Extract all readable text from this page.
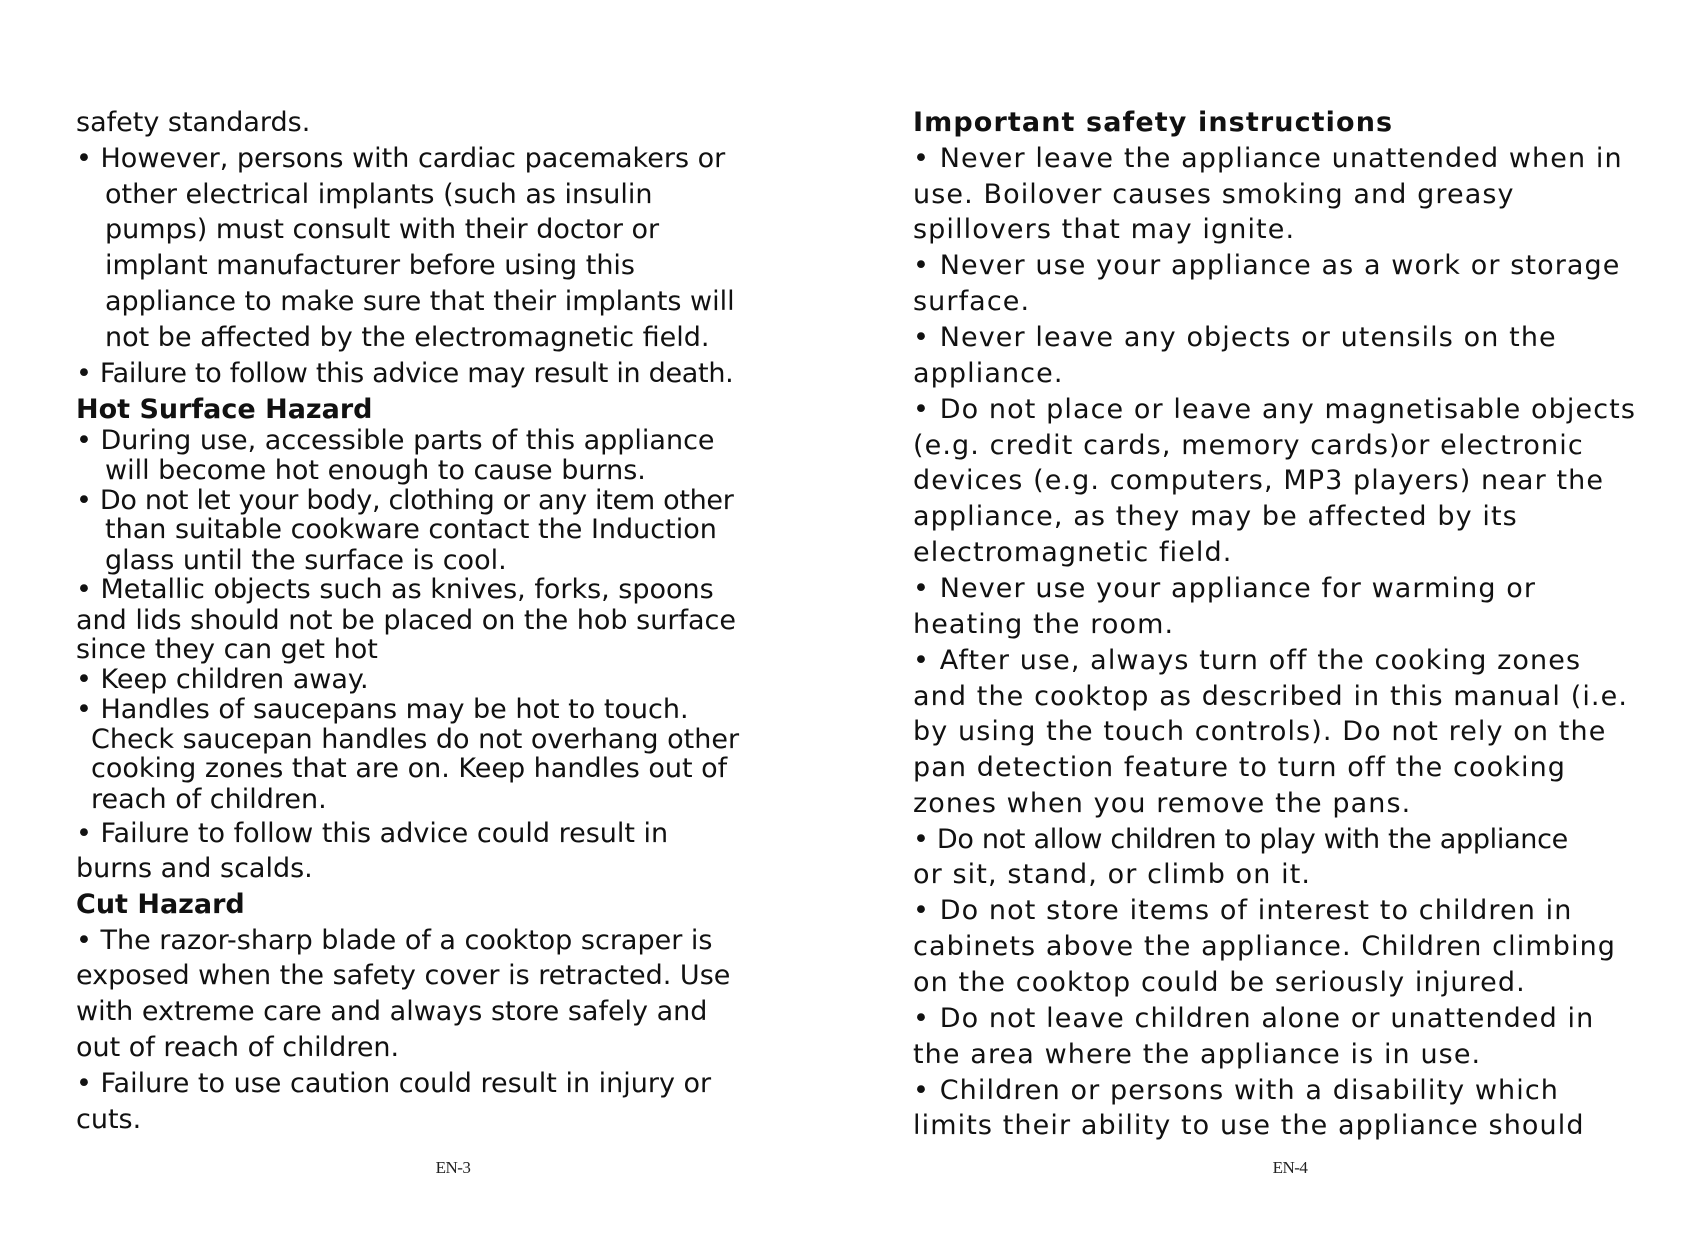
safety standards.
• However, persons with cardiac pacemakers or
other electrical implants (such as insulin
pumps) must consult with their doctor or
implant manufacturer before using this
appliance to make sure that their implants will
not be affected by the electromagnetic field.
• Failure to follow this advice may result in death.
Hot Surface Hazard
• During use, accessible parts of this appliance
will become hot enough to cause burns.
• Do not let your body, clothing or any item other
than suitable cookware contact the Induction
glass until the surface is cool.
• Metallic objects such as knives, forks, spoons
and lids should not be placed on the hob surface
since they can get hot
• Keep children away.
• Handles of saucepans may be hot to touch.
Check saucepan handles do not overhang other
cooking zones that are on. Keep handles out of
reach of children.
• Failure to follow this advice could result in
burns and scalds.
Cut Hazard
• The razor-sharp blade of a cooktop scraper is
exposed when the safety cover is retracted. Use
with extreme care and always store safely and
out of reach of children.
• Failure to use caution could result in injury or
cuts.
Important safety instructions
• Never leave the appliance unattended when in
use. Boilover causes smoking and greasy
spillovers that may ignite.
• Never use your appliance as a work or storage
surface.
• Never leave any objects or utensils on the
appliance.
• Do not place or leave any magnetisable objects
(e.g. credit cards, memory cards)or electronic
devices (e.g. computers, MP3 players) near the
appliance, as they may be affected by its
electromagnetic field.
• Never use your appliance for warming or
heating the room.
• After use, always turn off the cooking zones
and the cooktop as described in this manual (i.e.
by using the touch controls). Do not rely on the
pan detection feature to turn off the cooking
zones when you remove the pans.
• Do not allow children to play with the appliance
or sit, stand, or climb on it.
• Do not store items of interest to children in
cabinets above the appliance. Children climbing
on the cooktop could be seriously injured.
• Do not leave children alone or unattended in
the area where the appliance is in use.
• Children or persons with a disability which
limits their ability to use the appliance should
EN-3	EN-4
